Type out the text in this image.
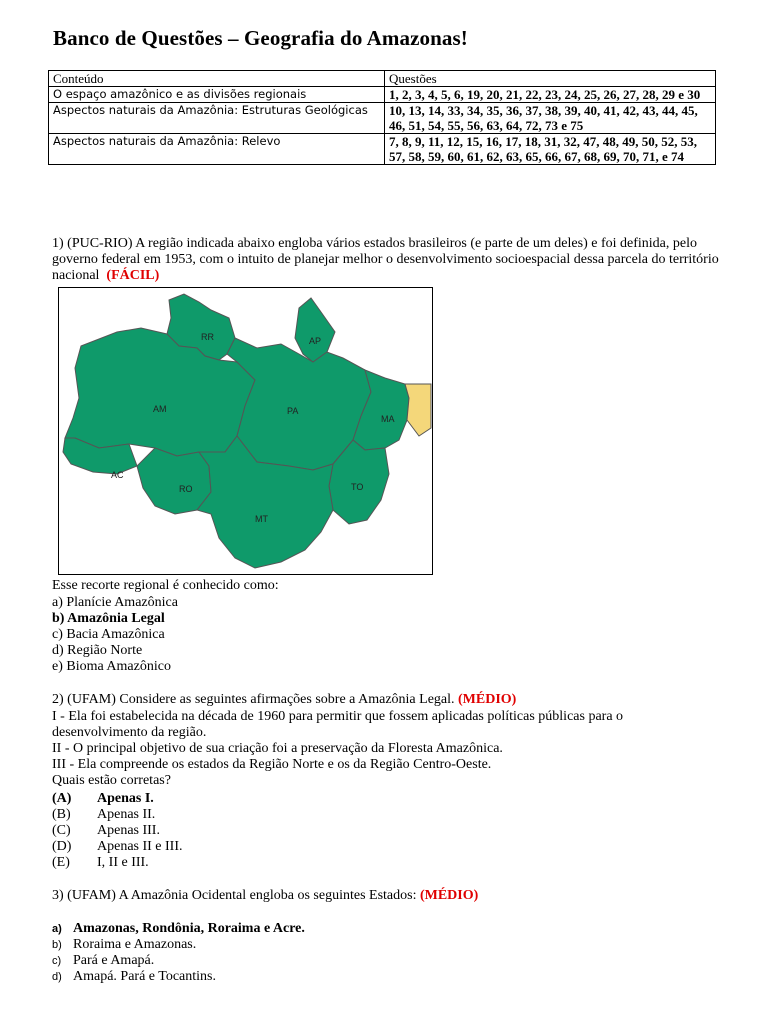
Banco de Questões – Geografia do Amazonas!
Conteúdo	Questões
O espaço amazônico e as divisões regionais	1, 2, 3, 4, 5, 6, 19, 20, 21, 22, 23, 24, 25, 26, 27, 28, 29 e 30
Aspectos naturais da Amazônia: Estruturas Geológicas	10, 13, 14, 33, 34, 35, 36, 37, 38, 39, 40, 41, 42, 43, 44, 45, 46, 51, 54, 55, 56, 63, 64, 72, 73 e 75
Aspectos naturais da Amazônia: Relevo	7, 8, 9, 11, 12, 15, 16, 17, 18, 31, 32, 47, 48, 49, 50, 52, 53, 57, 58, 59, 60, 61, 62, 63, 65, 66, 67, 68, 69, 70, 71, e 74
1) (PUC-RIO) A região indicada abaixo engloba vários estados brasileiros (e parte de um deles) e foi definida, pelo governo federal em 1953, com o intuito de planejar melhor o desenvolvimento socioespacial dessa parcela do território nacional (FÁCIL)
RR	AP
AM	PA
MA
AC
RO	TO
MT
Esse recorte regional é conhecido como:
a) Planície Amazônica
b) Amazônia Legal
c) Bacia Amazônica
d) Região Norte
e) Bioma Amazônico
2) (UFAM) Considere as seguintes afirmações sobre a Amazônia Legal. (MÉDIO)
I - Ela foi estabelecida na década de 1960 para permitir que fossem aplicadas políticas públicas para o desenvolvimento da região.
II - O principal objetivo de sua criação foi a preservação da Floresta Amazônica.
III - Ela compreende os estados da Região Norte e os da Região Centro-Oeste.
Quais estão corretas?
(A) Apenas I.
(B) Apenas II.
(C) Apenas III.
(D) Apenas II e III.
(E) I, II e III.
3) (UFAM) A Amazônia Ocidental engloba os seguintes Estados: (MÉDIO)
a) Amazonas, Rondônia, Roraima e Acre.
b) Roraima e Amazonas.
c) Pará e Amapá.
d) Amapá. Pará e Tocantins.
